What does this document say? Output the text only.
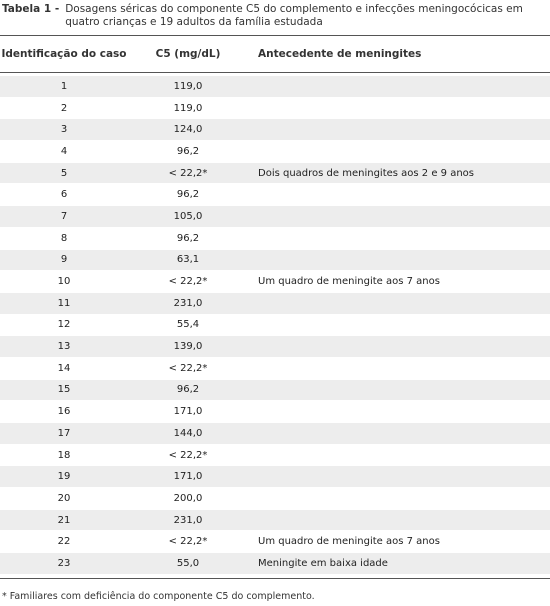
Tabela 1 - Dosagens séricas do componente C5 do complemento e infecções meningocócicas em quatro crianças e 19 adultos da família estudada
Identificação do caso	C5 (mg/dL)	Antecedente de meningites
1	119,0
2	119,0
3	124,0
4	96,2
5	< 22,2*	Dois quadros de meningites aos 2 e 9 anos
6	96,2
7	105,0
8	96,2
9	63,1
10	< 22,2*	Um quadro de meningite aos 7 anos
11	231,0
12	55,4
13	139,0
14	< 22,2*
15	96,2
16	171,0
17	144,0
18	< 22,2*
19	171,0
20	200,0
21	231,0
22	< 22,2*	Um quadro de meningite aos 7 anos
23	55,0	Meningite em baixa idade
* Familiares com deficiência do componente C5 do complemento.
